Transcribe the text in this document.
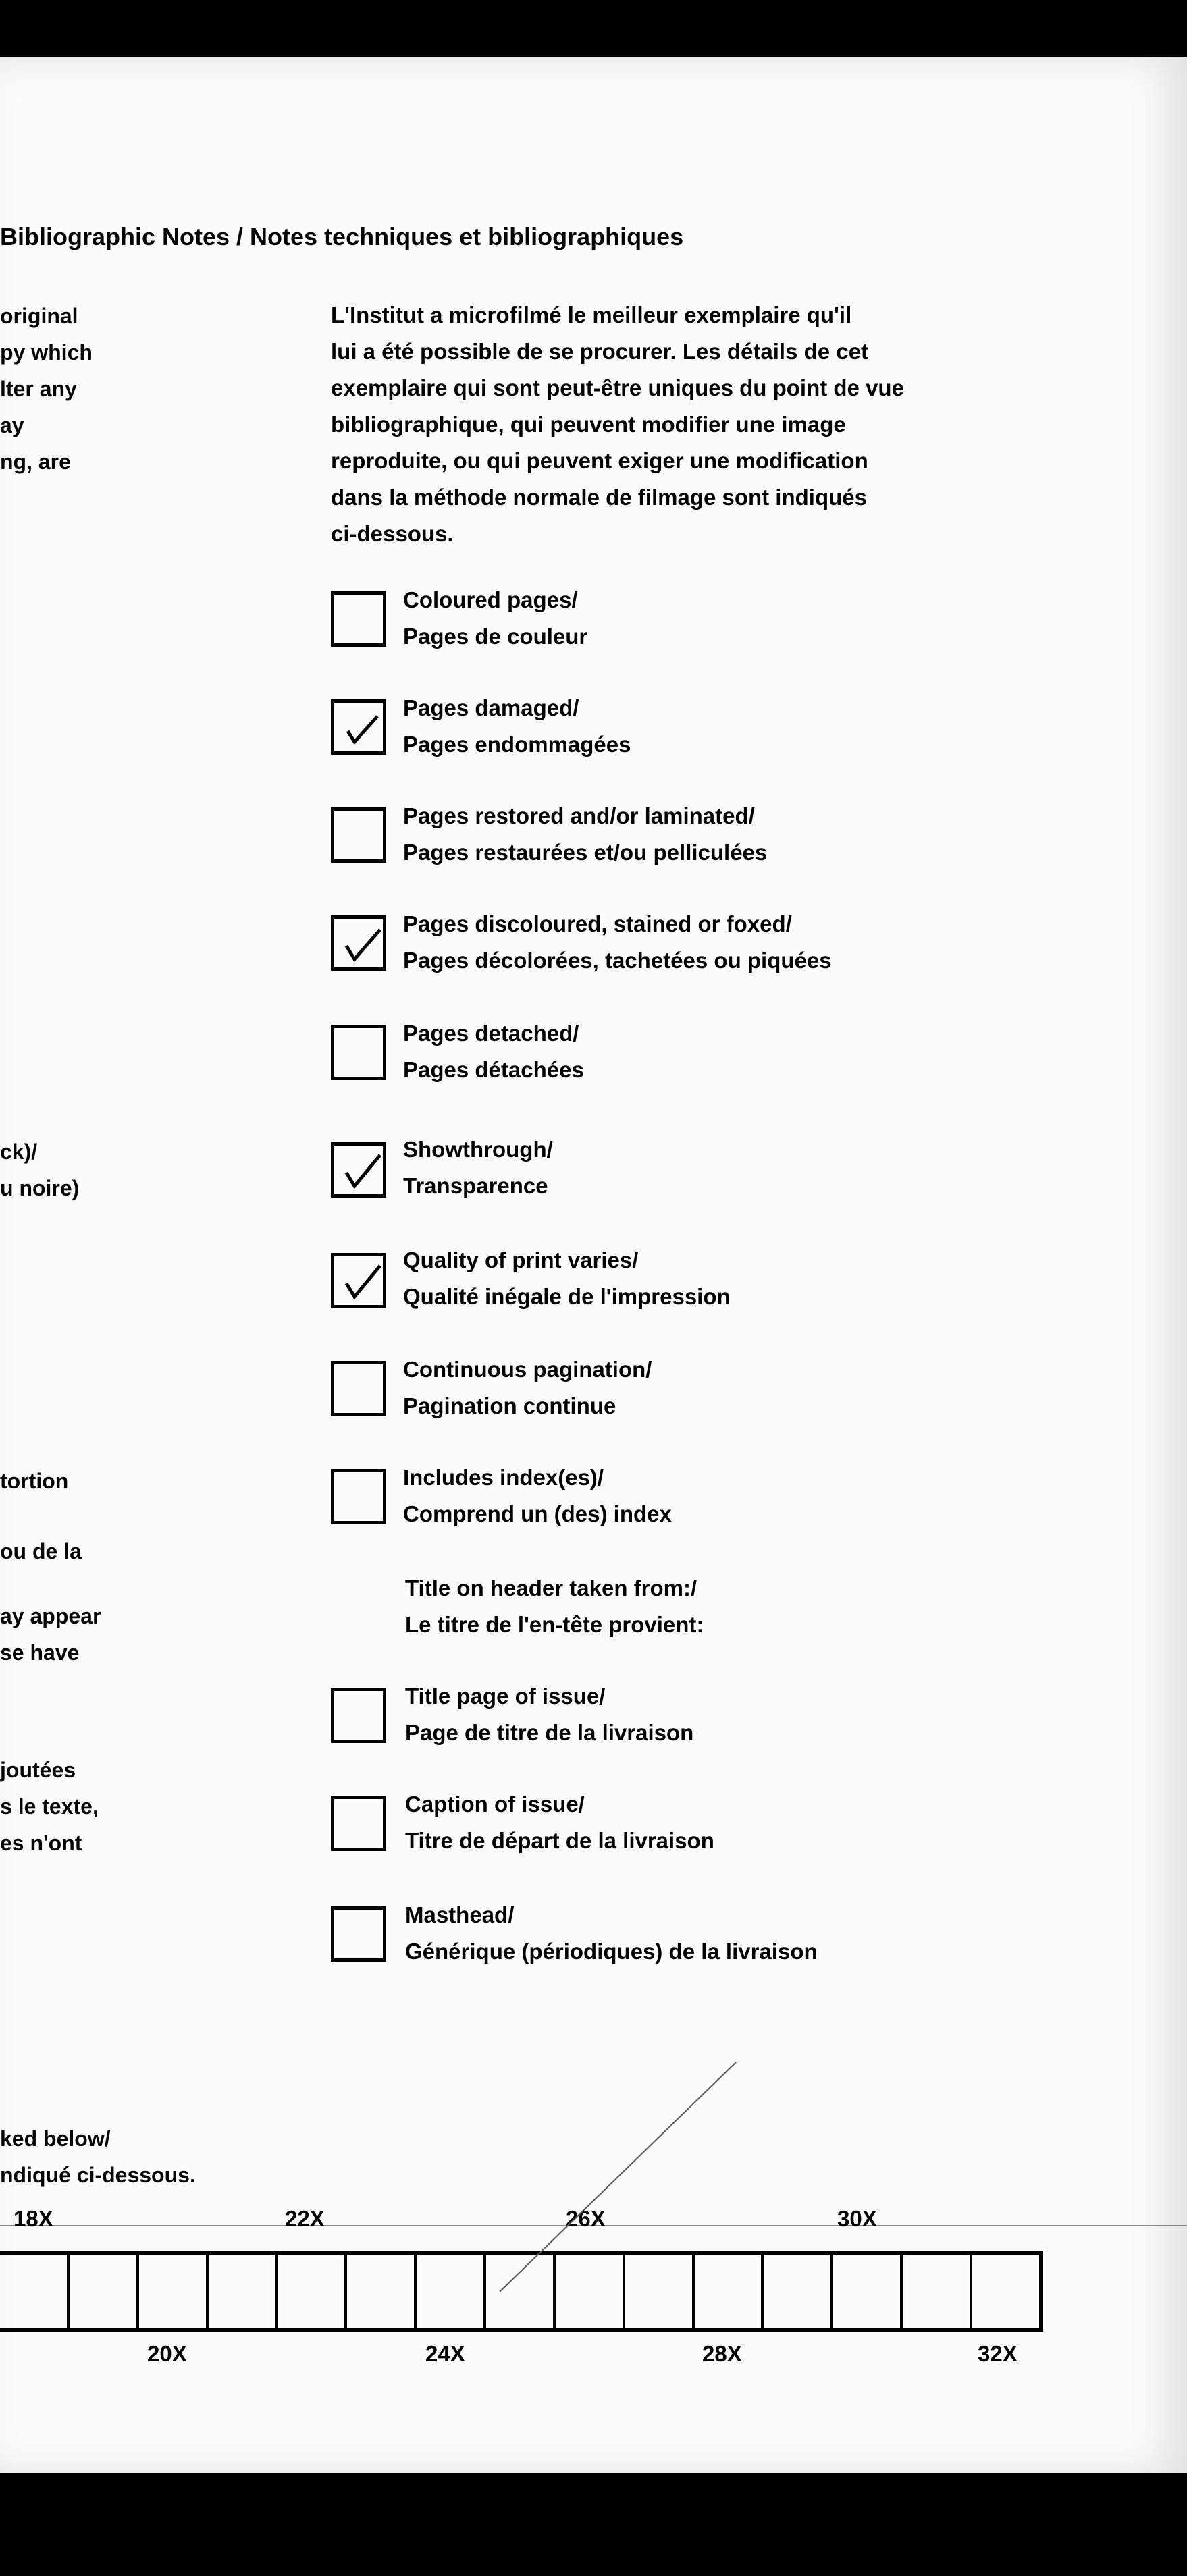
Bibliographic Notes / Notes techniques et bibliographiques
original
py which
lter any
ay
ng, are
ck)/
u noire)
tortion
ou de la
ay appear
se have
joutées
s le texte,
es n'ont
ked below/
ndiqué ci-dessous.
L'Institut a microfilmé le meilleur exemplaire qu'il
lui a été possible de se procurer. Les détails de cet
exemplaire qui sont peut-être uniques du point de vue
bibliographique, qui peuvent modifier une image
reproduite, ou qui peuvent exiger une modification
dans la méthode normale de filmage sont indiqués
ci-dessous.
Coloured pages/
Pages de couleur
Pages damaged/
Pages endommagées
Pages restored and/or laminated/
Pages restaurées et/ou pelliculées
Pages discoloured, stained or foxed/
Pages décolorées, tachetées ou piquées
Pages detached/
Pages détachées
Showthrough/
Transparence
Quality of print varies/
Qualité inégale de l'impression
Continuous pagination/
Pagination continue
Includes index(es)/
Comprend un (des) index
Title on header taken from:/
Le titre de l'en-tête provient:
Title page of issue/
Page de titre de la livraison
Caption of issue/
Titre de départ de la livraison
Masthead/
Générique (périodiques) de la livraison
18X	22X	26X	30X
20X	24X	28X	32X
